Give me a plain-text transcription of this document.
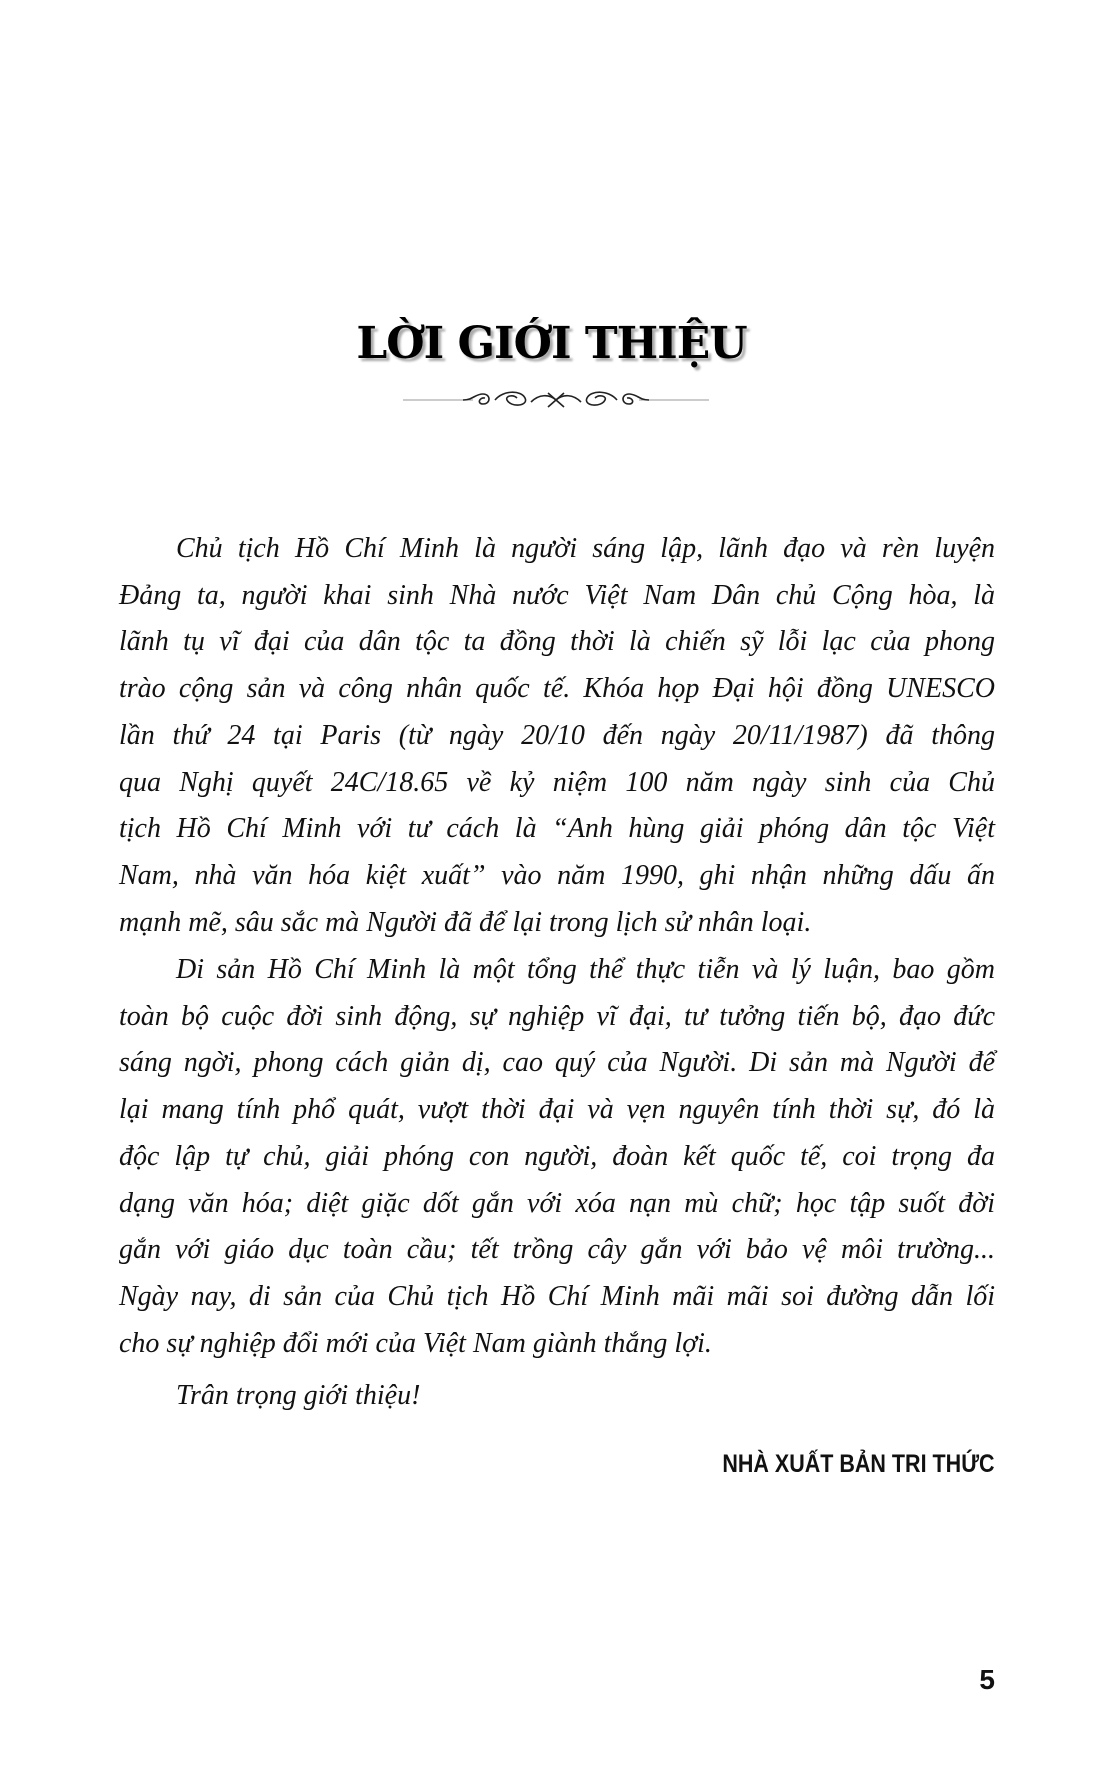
LỜI GIỚI THIỆU
Chủ tịch Hồ Chí Minh là người sáng lập, lãnh đạo và rèn luyện
Đảng ta, người khai sinh Nhà nước Việt Nam Dân chủ Cộng hòa, là
lãnh tụ vĩ đại của dân tộc ta đồng thời là chiến sỹ lỗi lạc của phong
trào cộng sản và công nhân quốc tế. Khóa họp Đại hội đồng UNESCO
lần thứ 24 tại Paris (từ ngày 20/10 đến ngày 20/11/1987) đã thông
qua Nghị quyết 24C/18.65 về kỷ niệm 100 năm ngày sinh của Chủ
tịch Hồ Chí Minh với tư cách là “Anh hùng giải phóng dân tộc Việt
Nam, nhà văn hóa kiệt xuất” vào năm 1990, ghi nhận những dấu ấn
mạnh mẽ, sâu sắc mà Người đã để lại trong lịch sử nhân loại.
Di sản Hồ Chí Minh là một tổng thể thực tiễn và lý luận, bao gồm
toàn bộ cuộc đời sinh động, sự nghiệp vĩ đại, tư tưởng tiến bộ, đạo đức
sáng ngời, phong cách giản dị, cao quý của Người. Di sản mà Người để
lại mang tính phổ quát, vượt thời đại và vẹn nguyên tính thời sự, đó là
độc lập tự chủ, giải phóng con người, đoàn kết quốc tế, coi trọng đa
dạng văn hóa; diệt giặc dốt gắn với xóa nạn mù chữ; học tập suốt đời
gắn với giáo dục toàn cầu; tết trồng cây gắn với bảo vệ môi trường...
Ngày nay, di sản của Chủ tịch Hồ Chí Minh mãi mãi soi đường dẫn lối
cho sự nghiệp đổi mới của Việt Nam giành thắng lợi.
Trân trọng giới thiệu!
NHÀ XUẤT BẢN TRI THỨC
5
